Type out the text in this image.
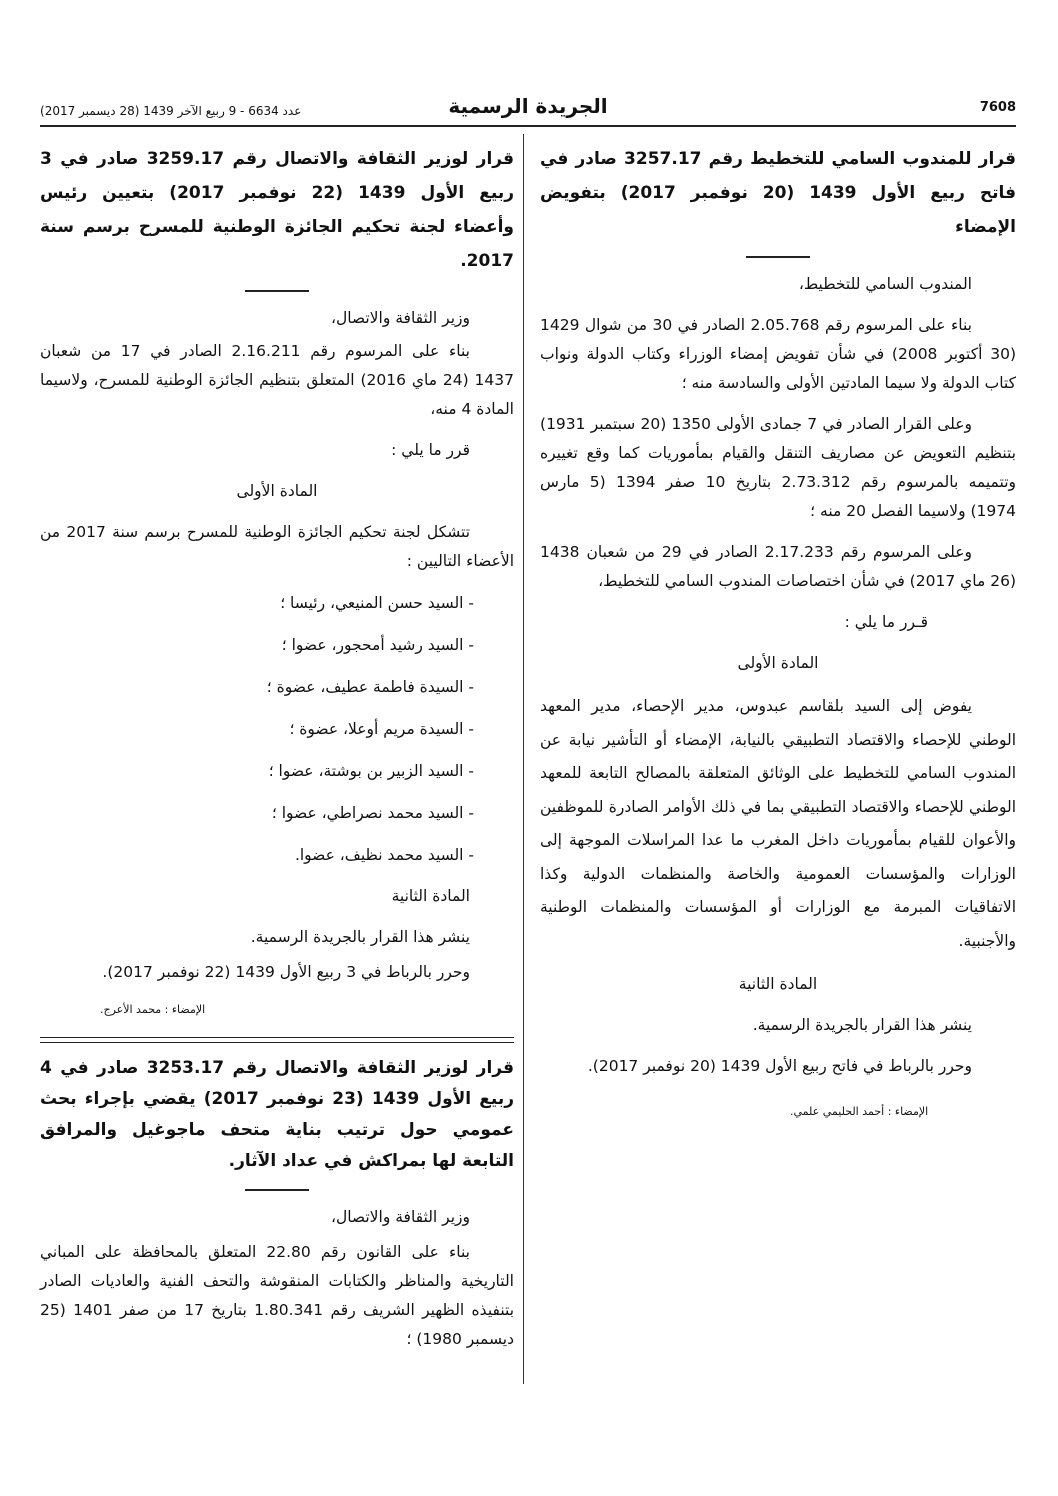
عدد 6634 - 9 ربيع الآخر 1439 (28 ديسمبر 2017)	الجريدة الرسمية	7608

قرار للمندوب السامي للتخطيط رقم 3257.17 صادر في فاتح ربيع الأول 1439 (20 نوفمبر 2017) بتفويض الإمضاء

المندوب السامي للتخطيط،

بناء على المرسوم رقم 2.05.768 الصادر في 30 من شوال 1429 (30 أكتوبر 2008) في شأن تفويض إمضاء الوزراء وكتاب الدولة ونواب كتاب الدولة ولا سيما المادتين الأولى والسادسة منه ؛

وعلى القرار الصادر في 7 جمادى الأولى 1350 (20 سبتمبر 1931) بتنظيم التعويض عن مصاريف التنقل والقيام بمأموريات كما وقع تغييره وتتميمه بالمرسوم رقم 2.73.312 بتاريخ 10 صفر 1394 (5 مارس 1974) ولاسيما الفصل 20 منه ؛

وعلى المرسوم رقم 2.17.233 الصادر في 29 من شعبان 1438 (26 ماي 2017) في شأن اختصاصات المندوب السامي للتخطيط،

قـرر ما يلي :

المادة الأولى

يفوض إلى السيد بلقاسم عبدوس، مدير الإحصاء، مدير المعهد الوطني للإحصاء والاقتصاد التطبيقي بالنيابة، الإمضاء أو التأشير نيابة عن المندوب السامي للتخطيط على الوثائق المتعلقة بالمصالح التابعة للمعهد الوطني للإحصاء والاقتصاد التطبيقي بما في ذلك الأوامر الصادرة للموظفين والأعوان للقيام بمأموريات داخل المغرب ما عدا المراسلات الموجهة إلى الوزارات والمؤسسات العمومية والخاصة والمنظمات الدولية وكذا الاتفاقيات المبرمة مع الوزارات أو المؤسسات والمنظمات الوطنية والأجنبية.

المادة الثانية

ينشر هذا القرار بالجريدة الرسمية.

وحرر بالرباط في فاتح ربيع الأول 1439 (20 نوفمبر 2017).

الإمضاء : أحمد الحليمي علمي.

قرار لوزير الثقافة والاتصال رقم 3259.17 صادر في 3 ربيع الأول 1439 (22 نوفمبر 2017) بتعيين رئيس وأعضاء لجنة تحكيم الجائزة الوطنية للمسرح برسم سنة 2017.

وزير الثقافة والاتصال،

بناء على المرسوم رقم 2.16.211 الصادر في 17 من شعبان 1437 (24 ماي 2016) المتعلق بتنظيم الجائزة الوطنية للمسرح، ولاسيما المادة 4 منه،

قرر ما يلي :

المادة الأولى

تتشكل لجنة تحكيم الجائزة الوطنية للمسرح برسم سنة 2017 من الأعضاء التاليين :

- السيد حسن المنيعي، رئيسا ؛

- السيد رشيد أمحجور، عضوا ؛

- السيدة فاطمة عطيف، عضوة ؛

- السيدة مريم أوعلا، عضوة ؛

- السيد الزبير بن بوشتة، عضوا ؛

- السيد محمد نصراطي، عضوا ؛

- السيد محمد نظيف، عضوا.

المادة الثانية

ينشر هذا القرار بالجريدة الرسمية.

وحرر بالرباط في 3 ربيع الأول 1439 (22 نوفمبر 2017).

الإمضاء : محمد الأعرج.

قرار لوزير الثقافة والاتصال رقم 3253.17 صادر في 4 ربيع الأول 1439 (23 نوفمبر 2017) يقضي بإجراء بحث عمومي حول ترتيب بناية متحف ماجوغيل والمرافق التابعة لها بمراكش في عداد الآثار.

وزير الثقافة والاتصال،

بناء على القانون رقم 22.80 المتعلق بالمحافظة على المباني التاريخية والمناظر والكتابات المنقوشة والتحف الفنية والعاديات الصادر بتنفيذه الظهير الشريف رقم 1.80.341 بتاريخ 17 من صفر 1401 (25 ديسمبر 1980) ؛
